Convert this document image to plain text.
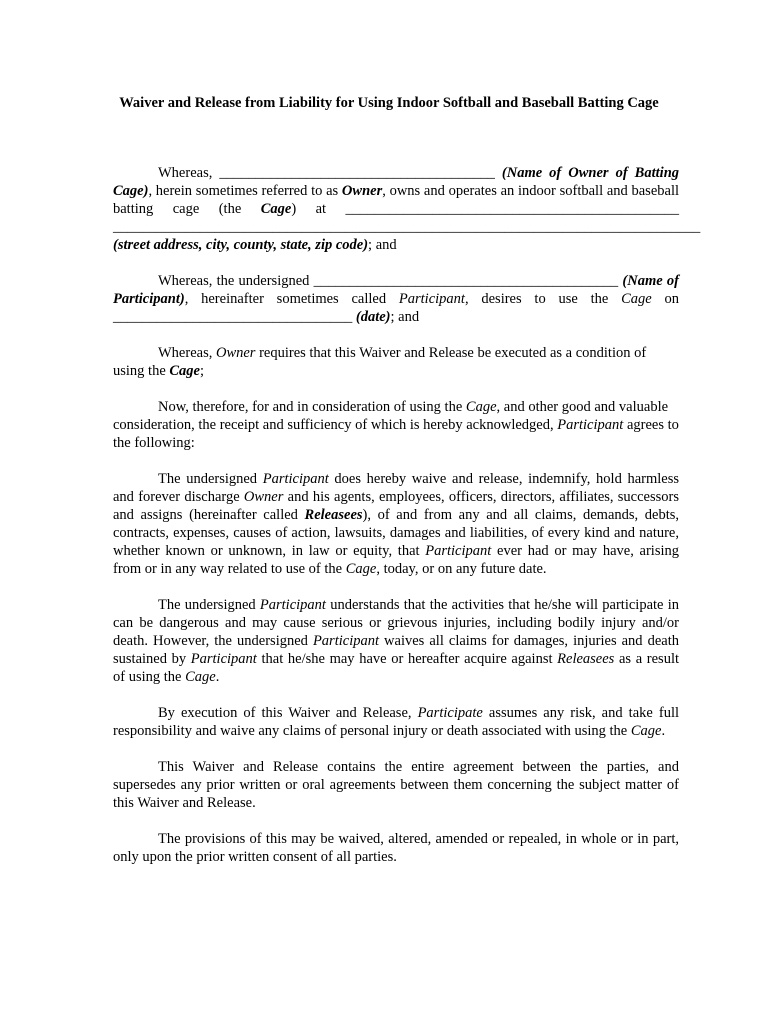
Waiver and Release from Liability for Using Indoor Softball and Baseball Batting Cage

Whereas, ______________________________________ (Name of Owner of Batting Cage), herein sometimes referred to as Owner, owns and operates an indoor softball and baseball batting cage (the Cage) at ______________________________________________ _________________________________________________________________________________ (street address, city, county, state, zip code); and

Whereas, the undersigned __________________________________________ (Name of Participant), hereinafter sometimes called Participant, desires to use the Cage on _________________________________ (date); and

Whereas, Owner requires that this Waiver and Release be executed as a condition of using the Cage;

Now, therefore, for and in consideration of using the Cage, and other good and valuable consideration, the receipt and sufficiency of which is hereby acknowledged, Participant agrees to the following:

The undersigned Participant does hereby waive and release, indemnify, hold harmless and forever discharge Owner and his agents, employees, officers, directors, affiliates, successors and assigns (hereinafter called Releasees), of and from any and all claims, demands, debts, contracts, expenses, causes of action, lawsuits, damages and liabilities, of every kind and nature, whether known or unknown, in law or equity, that Participant ever had or may have, arising from or in any way related to use of the Cage, today, or on any future date.

The undersigned Participant understands that the activities that he/she will participate in can be dangerous and may cause serious or grievous injuries, including bodily injury and/or death. However, the undersigned Participant waives all claims for damages, injuries and death sustained by Participant that he/she may have or hereafter acquire against Releasees as a result of using the Cage.

By execution of this Waiver and Release, Participate assumes any risk, and take full responsibility and waive any claims of personal injury or death associated with using the Cage.

This Waiver and Release contains the entire agreement between the parties, and supersedes any prior written or oral agreements between them concerning the subject matter of this Waiver and Release.

The provisions of this may be waived, altered, amended or repealed, in whole or in part, only upon the prior written consent of all parties.
